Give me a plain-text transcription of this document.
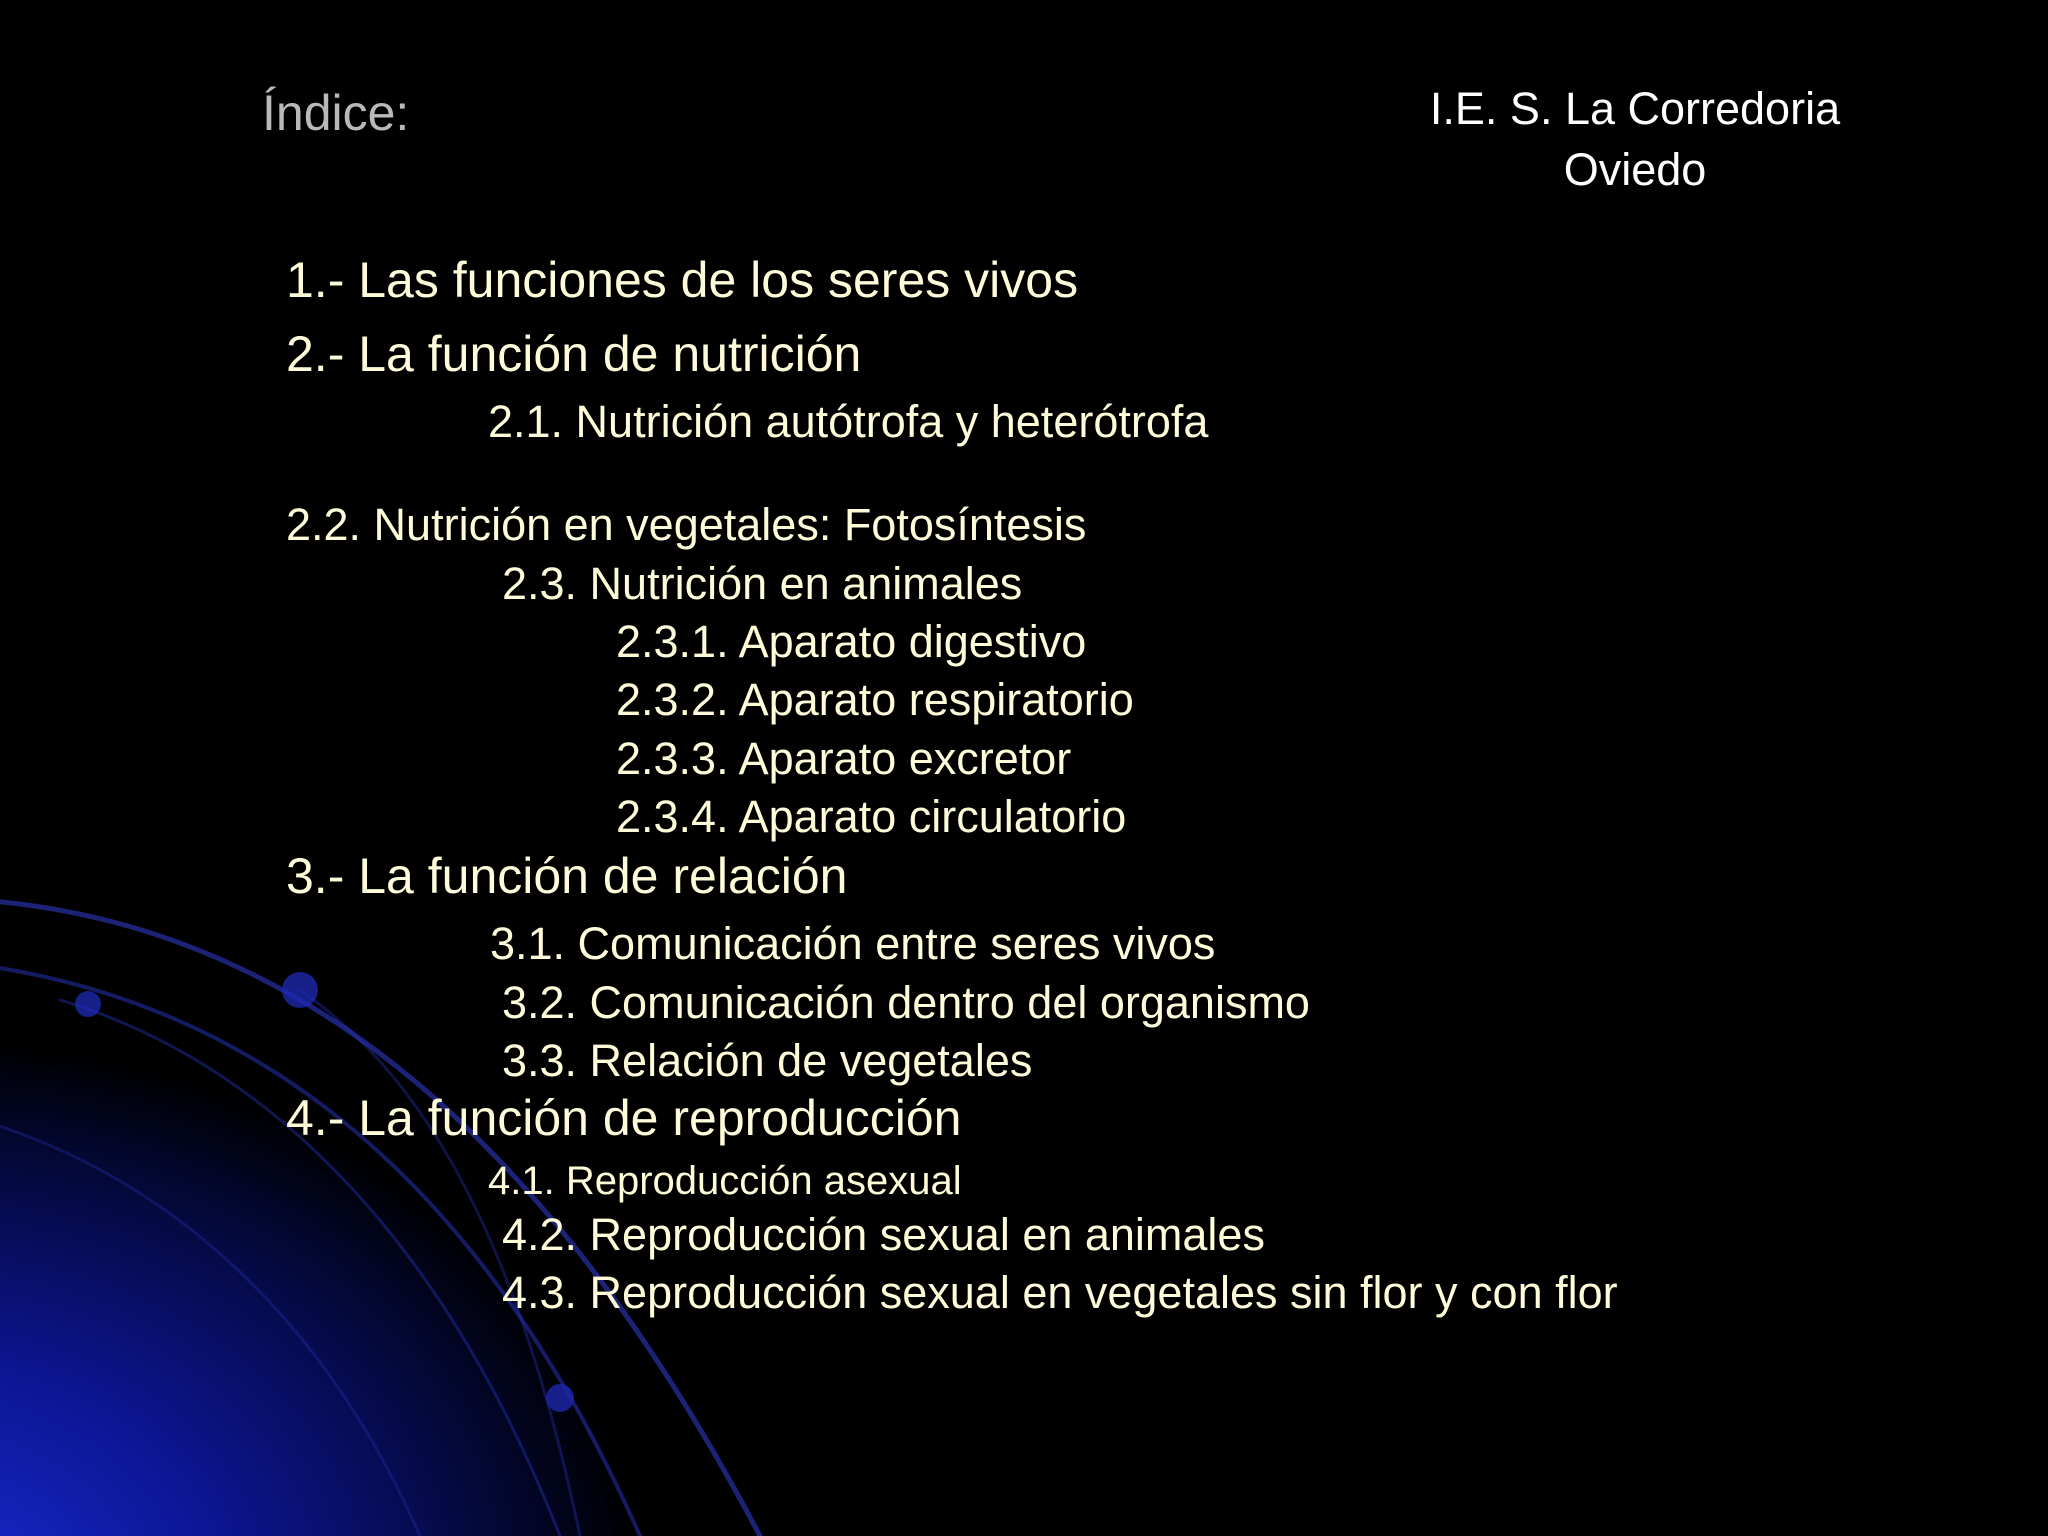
Índice:	I.E. S. La Corredoria
Oviedo
1.- Las funciones de los seres vivos
2.- La función de nutrición
2.1. Nutrición autótrofa y heterótrofa
2.2. Nutrición en vegetales: Fotosíntesis
2.3. Nutrición en animales
2.3.1. Aparato digestivo
2.3.2. Aparato respiratorio
2.3.3. Aparato excretor
2.3.4. Aparato circulatorio
3.- La función de relación
3.1. Comunicación entre seres vivos
3.2. Comunicación dentro del organismo
3.3. Relación de vegetales
4.- La función de reproducción
4.1. Reproducción asexual
4.2. Reproducción sexual en animales
4.3. Reproducción sexual en vegetales sin flor y con flor
